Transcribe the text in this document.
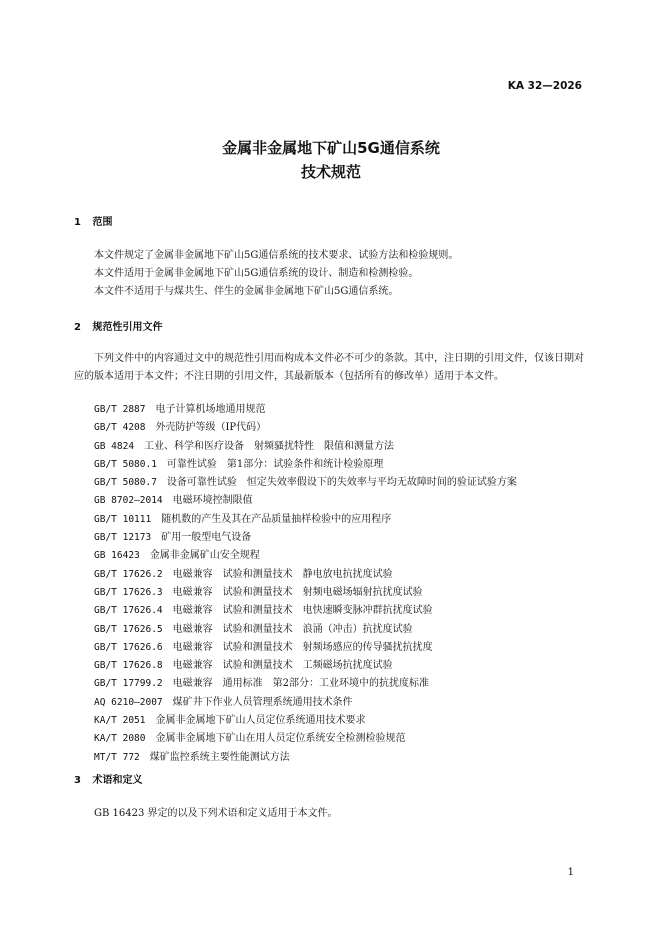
KA 32—2026
金属非金属地下矿山5G通信系统
技术规范
1 范围
本文件规定了金属非金属地下矿山5G通信系统的技术要求、试验方法和检验规则。
本文件适用于金属非金属地下矿山5G通信系统的设计、制造和检测检验。
本文件不适用于与煤共生、伴生的金属非金属地下矿山5G通信系统。
2 规范性引用文件
下列文件中的内容通过文中的规范性引用而构成本文件必不可少的条款。其中，注日期的引用文件，仅该日期对应的版本适用于本文件；不注日期的引用文件，其最新版本（包括所有的修改单）适用于本文件。
GB/T 2887 电子计算机场地通用规范
GB/T 4208 外壳防护等级（IP代码）
GB 4824 工业、科学和医疗设备　射频骚扰特性　限值和测量方法
GB/T 5080.1 可靠性试验　第1部分：试验条件和统计检验原理
GB/T 5080.7 设备可靠性试验　恒定失效率假设下的失效率与平均无故障时间的验证试验方案
GB 8702—2014 电磁环境控制限值
GB/T 10111 随机数的产生及其在产品质量抽样检验中的应用程序
GB/T 12173 矿用一般型电气设备
GB 16423 金属非金属矿山安全规程
GB/T 17626.2 电磁兼容　试验和测量技术　静电放电抗扰度试验
GB/T 17626.3 电磁兼容　试验和测量技术　射频电磁场辐射抗扰度试验
GB/T 17626.4 电磁兼容　试验和测量技术　电快速瞬变脉冲群抗扰度试验
GB/T 17626.5 电磁兼容　试验和测量技术　浪涌（冲击）抗扰度试验
GB/T 17626.6 电磁兼容　试验和测量技术　射频场感应的传导骚扰抗扰度
GB/T 17626.8 电磁兼容　试验和测量技术　工频磁场抗扰度试验
GB/T 17799.2 电磁兼容　通用标准　第2部分：工业环境中的抗扰度标准
AQ 6210—2007 煤矿井下作业人员管理系统通用技术条件
KA/T 2051 金属非金属地下矿山人员定位系统通用技术要求
KA/T 2080 金属非金属地下矿山在用人员定位系统安全检测检验规范
MT/T 772 煤矿监控系统主要性能测试方法
3 术语和定义
GB 16423 界定的以及下列术语和定义适用于本文件。
1
